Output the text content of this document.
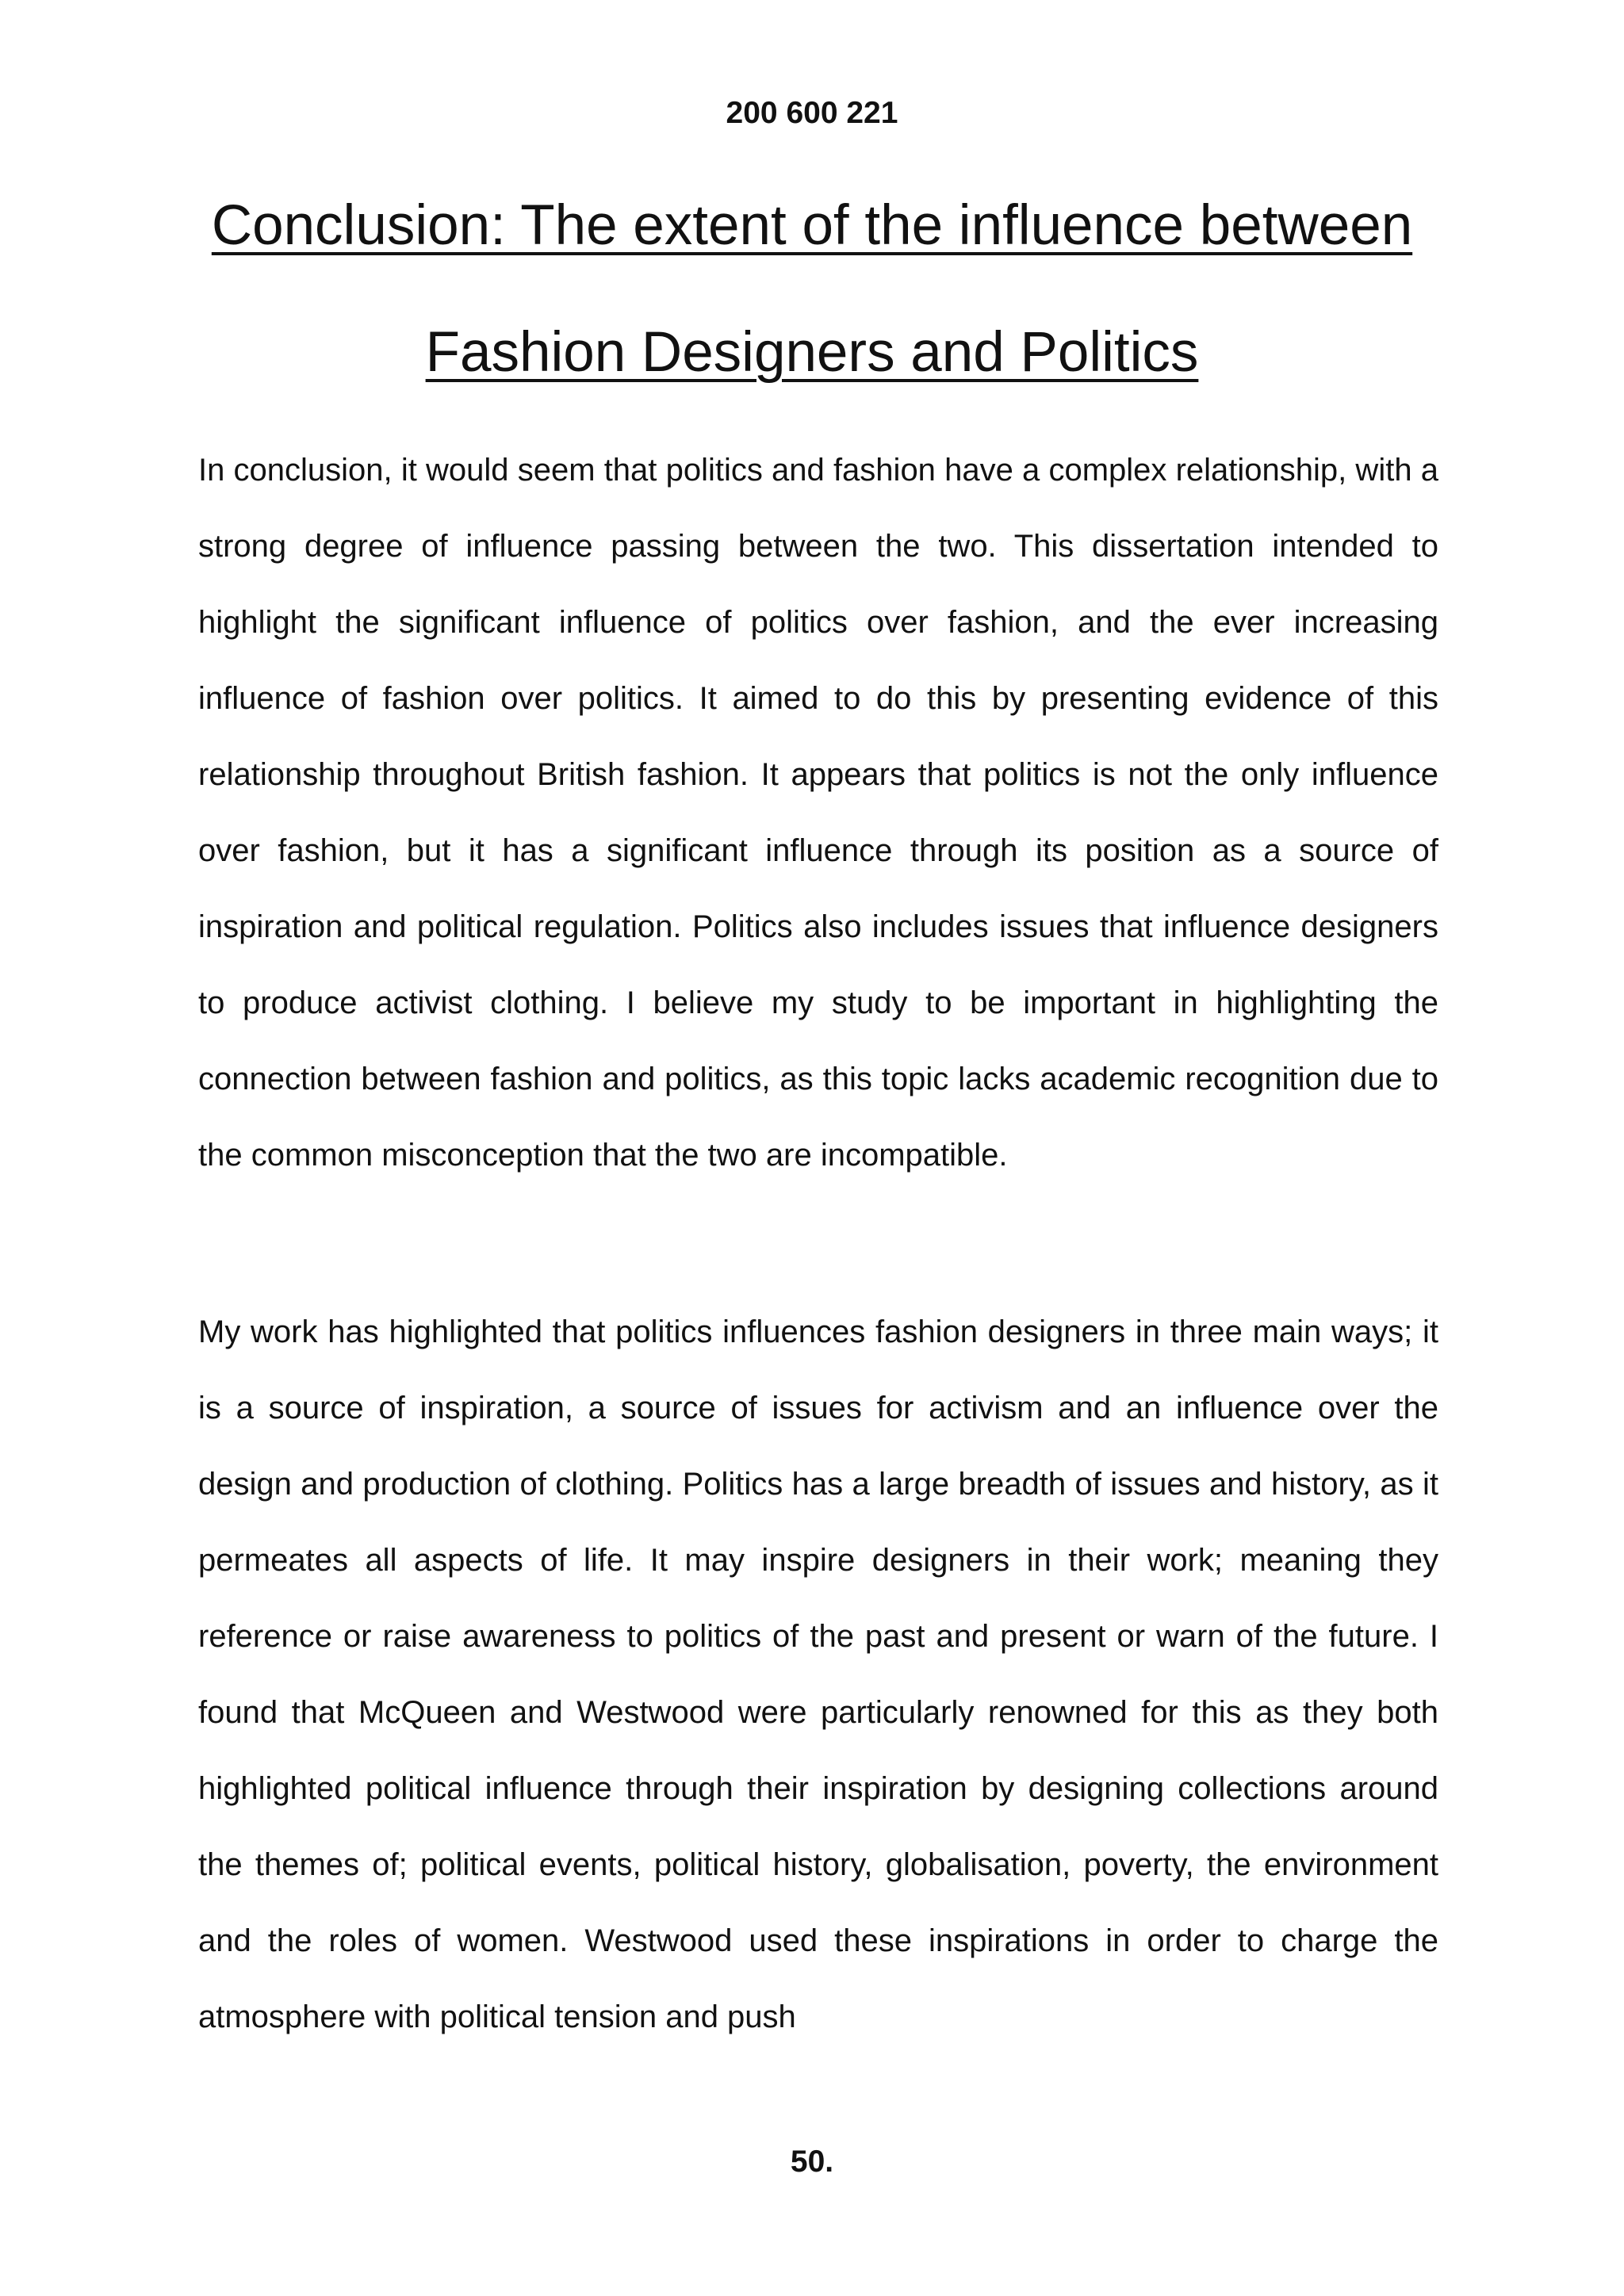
200 600 221
Conclusion: The extent of the influence between
Fashion Designers and Politics

In conclusion, it would seem that politics and fashion have a complex relationship, with a strong degree of influence passing between the two. This dissertation intended to highlight the significant influence of politics over fashion, and the ever increasing influence of fashion over politics. It aimed to do this by presenting evidence of this relationship throughout British fashion. It appears that politics is not the only influence over fashion, but it has a significant influence through its position as a source of inspiration and political regulation. Politics also includes issues that influence designers to produce activist clothing. I believe my study to be important in highlighting the connection between fashion and politics, as this topic lacks academic recognition due to the common misconception that the two are incompatible.

My work has highlighted that politics influences fashion designers in three main ways; it is a source of inspiration, a source of issues for activism and an influence over the design and production of clothing. Politics has a large breadth of issues and history, as it permeates all aspects of life. It may inspire designers in their work; meaning they reference or raise awareness to politics of the past and present or warn of the future. I found that McQueen and Westwood were particularly renowned for this as they both highlighted political influence through their inspiration by designing collections around the themes of; political events, political history, globalisation, poverty, the environment and the roles of women. Westwood used these inspirations in order to charge the atmosphere with political tension and push

50.
